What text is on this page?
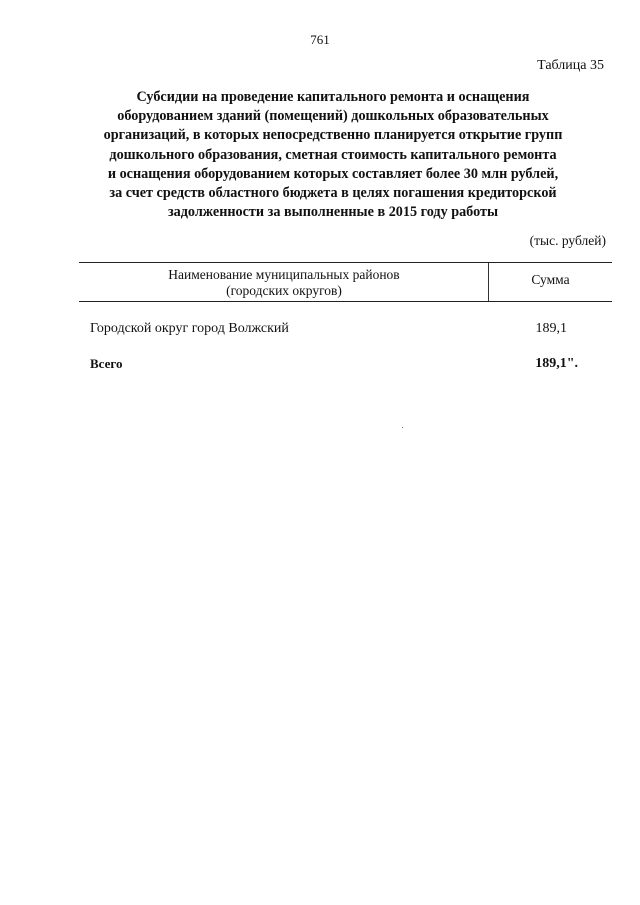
761
Таблица 35
Субсидии на проведение капитального ремонта и оснащения
оборудованием зданий (помещений) дошкольных образовательных
организаций, в которых непосредственно планируется открытие групп
дошкольного образования, сметная стоимость капитального ремонта
и оснащения оборудованием которых составляет более 30 млн рублей,
за счет средств областного бюджета в целях погашения кредиторской
задолженности за выполненные в 2015 году работы
(тыс. рублей)
Наименование муниципальных районов
(городских округов)
Сумма
Городской округ город Волжский	189,1
Всего	189,1".
